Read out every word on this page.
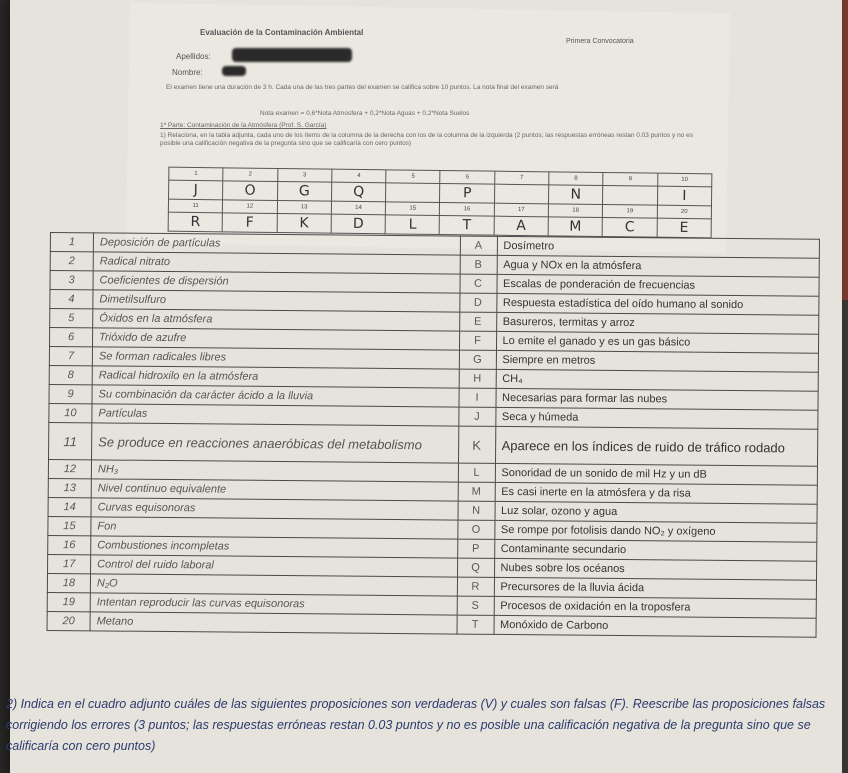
Evaluación de la Contaminación Ambiental
Primera Convocatoria
Apellidos:
Nombre:
El examen tiene una duración de 3 h. Cada una de las tres partes del examen se califica sobre 10 puntos. La nota final del examen será
Nota examen = 0,6*Nota Atmosfera + 0,2*Nota Aguas + 0,2*Nota Suelos
1ª Parte: Contaminación de la Atmósfera (Prof. S. García)
1) Relaciona, en la tabla adjunta, cada uno de los ítems de la columna de la derecha con los de la columna de la izquierda (2 puntos; las respuestas erróneas restan 0.03 puntos y no es posible una calificación negativa de la pregunta sino que se calificaría con cero puntos)
1	2	3	4	5	6	7	8	9	10
J	O	G	Q		P		N		I
11	12	13	14	15	16	17	18	19	20
R	F	K	D	L	T	A	M	C	E
1	Deposición de partículas	A	Dosímetro
2	Radical nitrato	B	Agua y NOx en la atmósfera
3	Coeficientes de dispersión	C	Escalas de ponderación de frecuencias
4	Dimetilsulfuro	D	Respuesta estadística del oído humano al sonido
5	Óxidos en la atmósfera	E	Basureros, termitas y arroz
6	Trióxido de azufre	F	Lo emite el ganado y es un gas básico
7	Se forman radicales libres	G	Siempre en metros
8	Radical hidroxilo en la atmósfera	H	CH₄
9	Su combinación da carácter ácido a la lluvia	I	Necesarias para formar las nubes
10	Partículas	J	Seca y húmeda
11	Se produce en reacciones anaeróbicas del metabolismo	K	Aparece en los índices de ruido de tráfico rodado
12	NH₃	L	Sonoridad de un sonido de mil Hz y un dB
13	Nivel continuo equivalente	M	Es casi inerte en la atmósfera y da risa
14	Curvas equisonoras	N	Luz solar, ozono y agua
15	Fon	O	Se rompe por fotolisis dando NO₂ y oxígeno
16	Combustiones incompletas	P	Contaminante secundario
17	Control del ruido laboral	Q	Nubes sobre los océanos
18	N₂O	R	Precursores de la lluvia ácida
19	Intentan reproducir las curvas equisonoras	S	Procesos de oxidación en la troposfera
20	Metano	T	Monóxido de Carbono
2) Indica en el cuadro adjunto cuáles de las siguientes proposiciones son verdaderas (V) y cuales son falsas (F). Reescribe las proposiciones falsas corrigiendo los errores (3 puntos; las respuestas erróneas restan 0.03 puntos y no es posible una calificación negativa de la pregunta sino que se calificaría con cero puntos)
